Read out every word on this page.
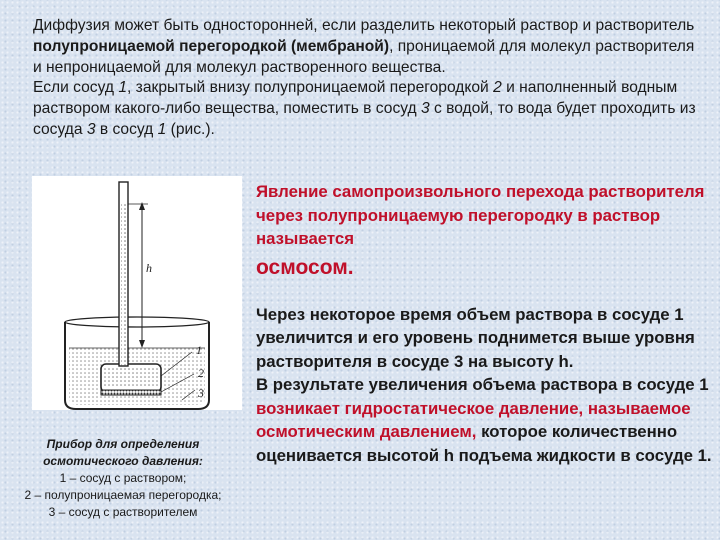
Диффузия может быть односторонней, если разделить некоторый раствор и растворитель полупроницаемой перегородкой (мембраной), проницаемой для молекул растворителя и непроницаемой для молекул растворенного вещества.

Если сосуд 1, закрытый внизу полупроницаемой перегородкой 2 и наполненный водным раствором какого-либо вещества, поместить в сосуд 3 с водой, то вода будет проходить из сосуда 3 в сосуд 1 (рис.).

h
1
2
3
Прибор для определения
осмотического давления:
1 – сосуд с раствором;
2 – полупроницаемая перегородка;
3 – сосуд с растворителем
Явление самопроизвольного перехода растворителя через полупроницаемую перегородку в раствор называется
осмосом.
Через некоторое время объем раствора в сосуде 1 увеличится и его уровень поднимется выше уровня растворителя в сосуде 3 на высоту h.
В результате увеличения объема раствора в сосуде 1 возникает гидростатическое давление, называемое осмотическим давлением, которое количественно оценивается высотой h подъема жидкости в сосуде 1.
